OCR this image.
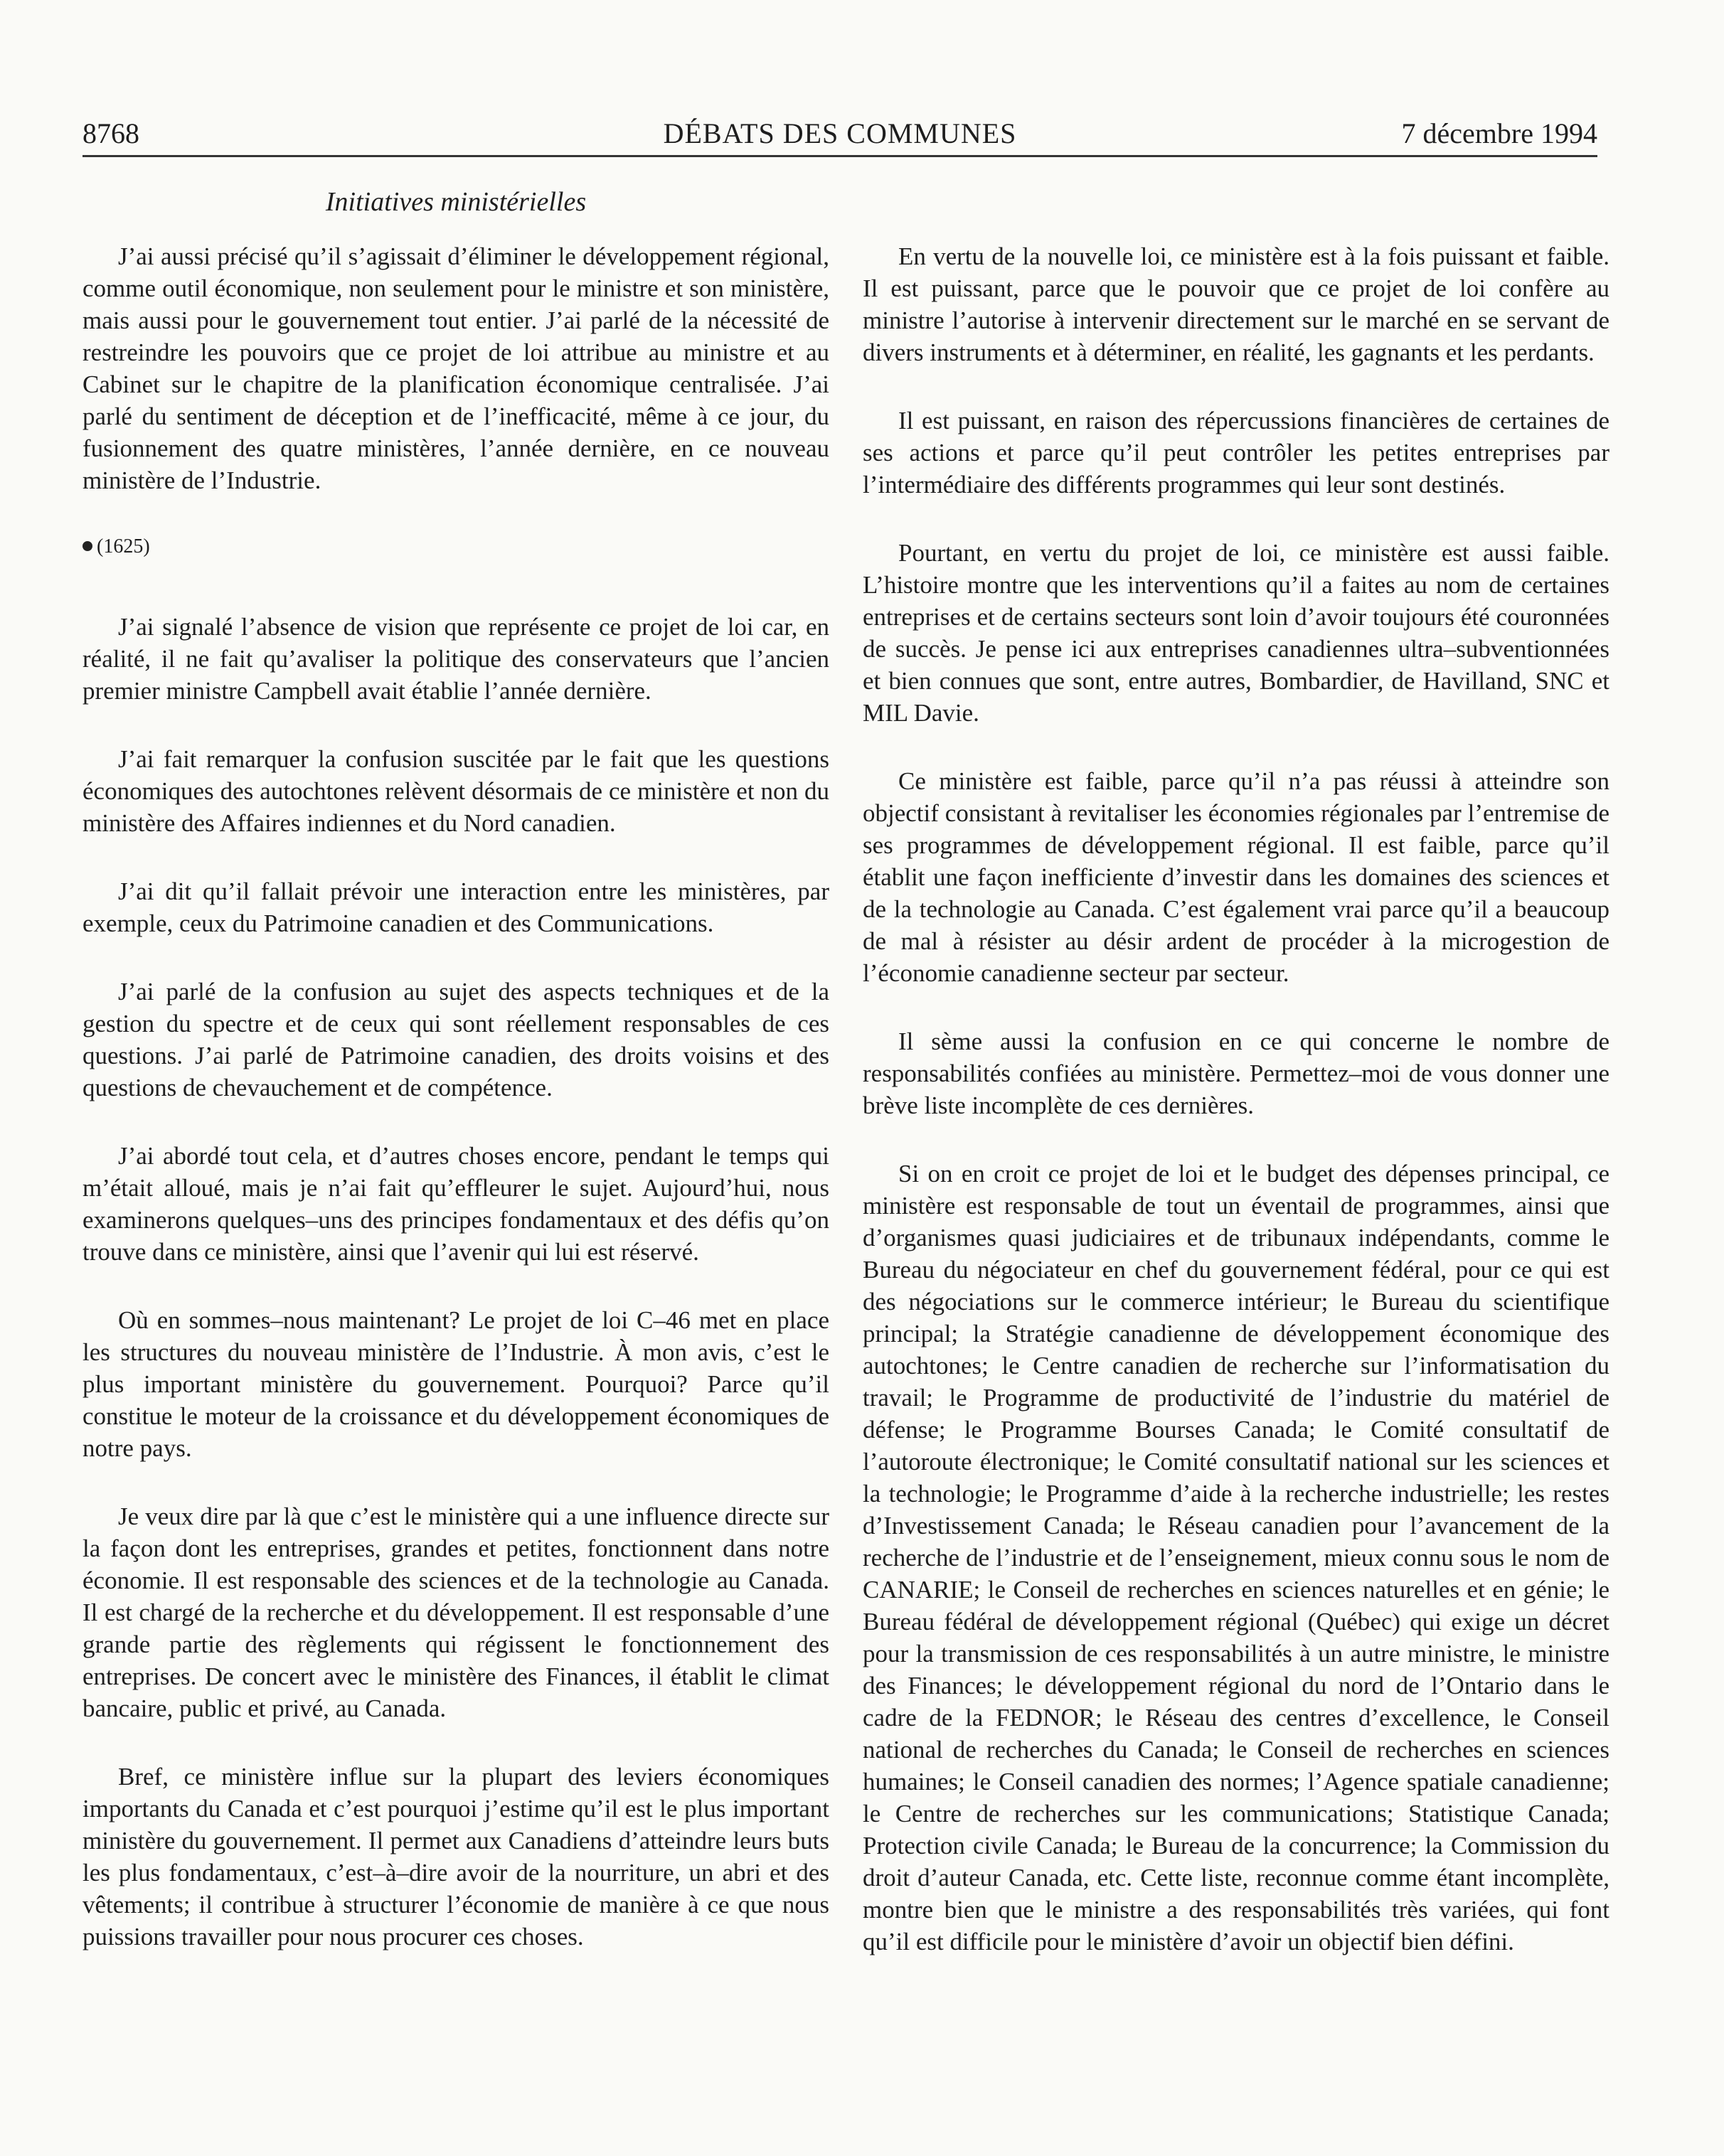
8768	DÉBATS DES COMMUNES	7 décembre 1994
Initiatives ministérielles

J’ai aussi précisé qu’il s’agissait d’éliminer le développement régional, comme outil économique, non seulement pour le ministre et son ministère, mais aussi pour le gouvernement tout entier. J’ai parlé de la nécessité de restreindre les pouvoirs que ce projet de loi attribue au ministre et au Cabinet sur le chapitre de la planification économique centralisée. J’ai parlé du sentiment de déception et de l’inefficacité, même à ce jour, du fusionnement des quatre ministères, l’année dernière, en ce nouveau ministère de l’Industrie.

(1625)

J’ai signalé l’absence de vision que représente ce projet de loi car, en réalité, il ne fait qu’avaliser la politique des conservateurs que l’ancien premier ministre Campbell avait établie l’année dernière.

J’ai fait remarquer la confusion suscitée par le fait que les questions économiques des autochtones relèvent désormais de ce ministère et non du ministère des Affaires indiennes et du Nord canadien.

J’ai dit qu’il fallait prévoir une interaction entre les ministères, par exemple, ceux du Patrimoine canadien et des Communications.

J’ai parlé de la confusion au sujet des aspects techniques et de la gestion du spectre et de ceux qui sont réellement responsables de ces questions. J’ai parlé de Patrimoine canadien, des droits voisins et des questions de chevauchement et de compétence.

J’ai abordé tout cela, et d’autres choses encore, pendant le temps qui m’était alloué, mais je n’ai fait qu’effleurer le sujet. Aujourd’hui, nous examinerons quelques–uns des principes fondamentaux et des défis qu’on trouve dans ce ministère, ainsi que l’avenir qui lui est réservé.

Où en sommes–nous maintenant? Le projet de loi C–46 met en place les structures du nouveau ministère de l’Industrie. À mon avis, c’est le plus important ministère du gouvernement. Pourquoi? Parce qu’il constitue le moteur de la croissance et du développement économiques de notre pays.

Je veux dire par là que c’est le ministère qui a une influence directe sur la façon dont les entreprises, grandes et petites, fonctionnent dans notre économie. Il est responsable des sciences et de la technologie au Canada. Il est chargé de la recherche et du développement. Il est responsable d’une grande partie des règlements qui régissent le fonctionnement des entreprises. De concert avec le ministère des Finances, il établit le climat bancaire, public et privé, au Canada.

Bref, ce ministère influe sur la plupart des leviers économiques importants du Canada et c’est pourquoi j’estime qu’il est le plus important ministère du gouvernement. Il permet aux Canadiens d’atteindre leurs buts les plus fondamentaux, c’est–à–dire avoir de la nourriture, un abri et des vêtements; il contribue à structurer l’économie de manière à ce que nous puissions travailler pour nous procurer ces choses.

En vertu de la nouvelle loi, ce ministère est à la fois puissant et faible. Il est puissant, parce que le pouvoir que ce projet de loi confère au ministre l’autorise à intervenir directement sur le marché en se servant de divers instruments et à déterminer, en réalité, les gagnants et les perdants.

Il est puissant, en raison des répercussions financières de certaines de ses actions et parce qu’il peut contrôler les petites entreprises par l’intermédiaire des différents programmes qui leur sont destinés.

Pourtant, en vertu du projet de loi, ce ministère est aussi faible. L’histoire montre que les interventions qu’il a faites au nom de certaines entreprises et de certains secteurs sont loin d’avoir toujours été couronnées de succès. Je pense ici aux entreprises canadiennes ultra–subventionnées et bien connues que sont, entre autres, Bombardier, de Havilland, SNC et MIL Davie.

Ce ministère est faible, parce qu’il n’a pas réussi à atteindre son objectif consistant à revitaliser les économies régionales par l’entremise de ses programmes de développement régional. Il est faible, parce qu’il établit une façon inefficiente d’investir dans les domaines des sciences et de la technologie au Canada. C’est également vrai parce qu’il a beaucoup de mal à résister au désir ardent de procéder à la microgestion de l’économie canadienne secteur par secteur.

Il sème aussi la confusion en ce qui concerne le nombre de responsabilités confiées au ministère. Permettez–moi de vous donner une brève liste incomplète de ces dernières.

Si on en croit ce projet de loi et le budget des dépenses principal, ce ministère est responsable de tout un éventail de programmes, ainsi que d’organismes quasi judiciaires et de tribunaux indépendants, comme le Bureau du négociateur en chef du gouvernement fédéral, pour ce qui est des négociations sur le commerce intérieur; le Bureau du scientifique principal; la Stratégie canadienne de développement économique des autochtones; le Centre canadien de recherche sur l’informatisation du travail; le Programme de productivité de l’industrie du matériel de défense; le Programme Bourses Canada; le Comité consultatif de l’autoroute électronique; le Comité consultatif national sur les sciences et la technologie; le Programme d’aide à la recherche industrielle; les restes d’Investissement Canada; le Réseau canadien pour l’avancement de la recherche de l’industrie et de l’enseignement, mieux connu sous le nom de CANARIE; le Conseil de recherches en sciences naturelles et en génie; le Bureau fédéral de développement régional (Québec) qui exige un décret pour la transmission de ces responsabilités à un autre ministre, le ministre des Finances; le développement régional du nord de l’Ontario dans le cadre de la FEDNOR; le Réseau des centres d’excellence, le Conseil national de recherches du Canada; le Conseil de recherches en sciences humaines; le Conseil canadien des normes; l’Agence spatiale canadienne; le Centre de recherches sur les communications; Statistique Canada; Protection civile Canada; le Bureau de la concurrence; la Commission du droit d’auteur Canada, etc. Cette liste, reconnue comme étant incomplète, montre bien que le ministre a des responsabilités très variées, qui font qu’il est difficile pour le ministère d’avoir un objectif bien défini.
